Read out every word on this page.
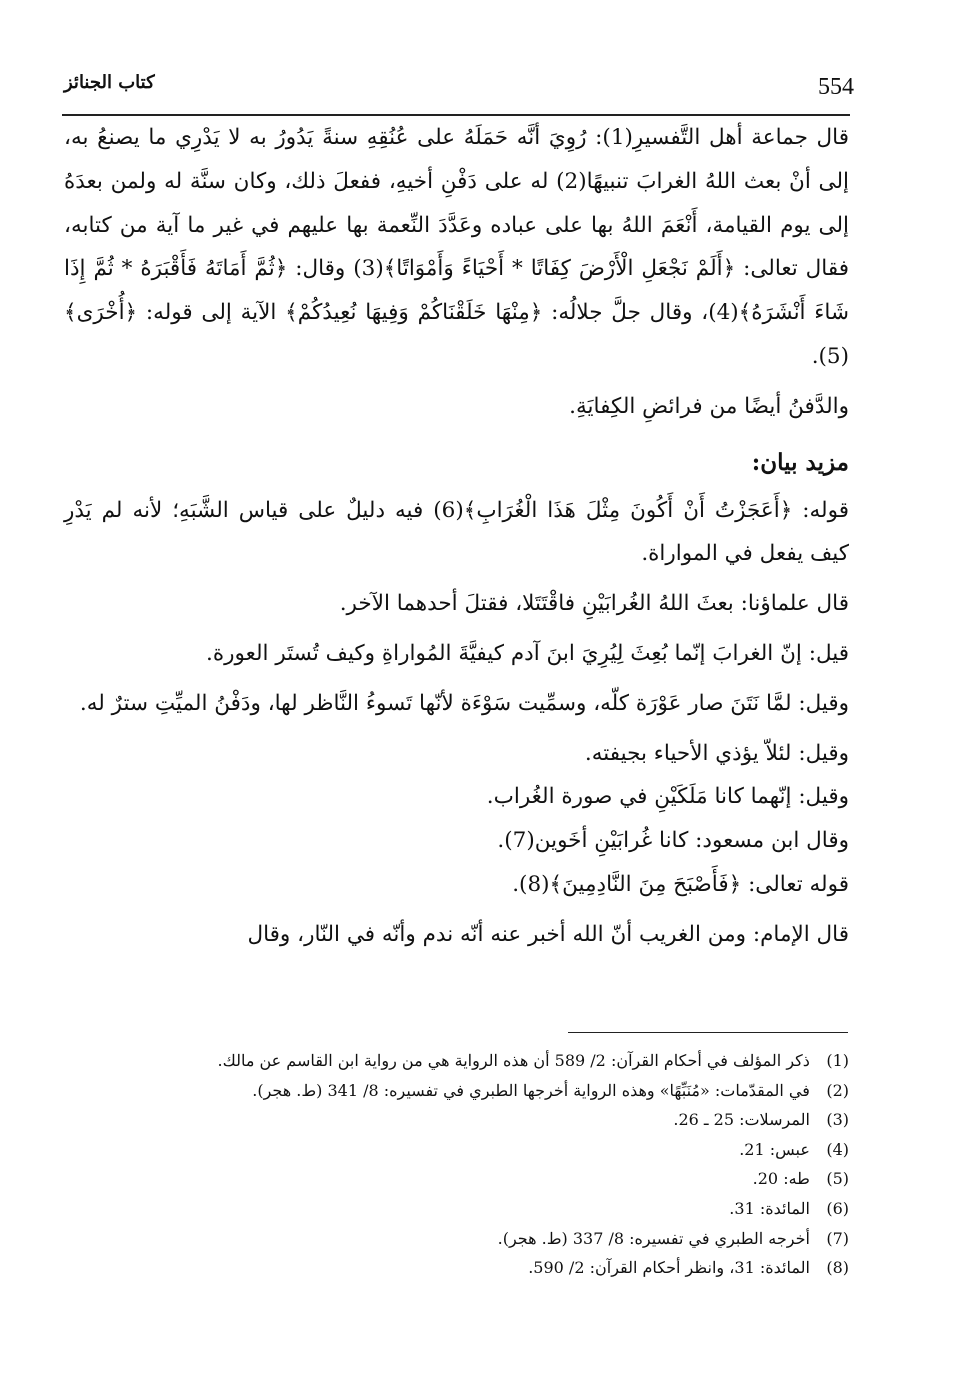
554
كتاب الجنائز

قال جماعة أهل التَّفسيرِ(1): رُوِيَ أنَّه حَمَلَهُ على عُنُقِهِ سنةً يَدُورُ به لا يَدْرِي ما يصنعُ به، إلى أنْ بعث اللهُ الغرابَ تنبيهًا(2) له على دَفْنِ أخيهِ، ففعلَ ذلك، وكان سنَّة له ولمن بعدَهُ إلى يوم القيامة، أَنْعَمَ اللهُ بها على عباده وعَدَّدَ النِّعمة بها عليهم في غير ما آية من كتابه، فقال تعالى: ﴿أَلَمْ نَجْعَلِ الْأَرْضَ كِفَاتًا * أَحْيَاءً وَأَمْوَاتًا﴾(3) وقال: ﴿ثُمَّ أَمَاتَهُ فَأَقْبَرَهُ * ثُمَّ إِذَا شَاءَ أَنْشَرَهُ﴾(4)، وقال جلَّ جلالُه: ﴿مِنْهَا خَلَقْنَاكُمْ وَفِيهَا نُعِيدُكُمْ﴾ الآية إلى قوله: ﴿أُخْرَى﴾(5).

والدَّفنُ أيضًا من فرائضِ الكِفايَةِ.

مزيد بيان:

قوله: ﴿أَعَجَزْتُ أَنْ أَكُونَ مِثْلَ هَذَا الْغُرَابِ﴾(6) فيه دليلٌ على قياس الشَّبَهِ؛ لأنه لم يَدْرِ كيف يفعل في المواراة.

قال علماؤنا: بعثَ اللهُ الغُرابَيْنِ فاقْتَتَلا، فقتلَ أحدهما الآخر.

قيل: إنّ الغرابَ إنّما بُعِثَ لِيُرِيَ ابنَ آدم كيفيَّةَ المُواراةِ وكيف تُستَر العورة.

وقيل: لمَّا نَتَنَ صار عَوْرَة كلّه، وسمِّيت سَوْءَة لأنّها تَسوءُ النَّاظر لها، ودَفْنُ الميِّتِ سترٌ له.

وقيل: لئلاّ يؤذي الأحياء بجيفته.

وقيل: إنّهما كانا مَلَكَيْنِ في صورة الغُراب.

وقال ابن مسعود: كانا غُرابَيْنِ أخَوين(7).

قوله تعالى: ﴿فَأَصْبَحَ مِنَ النَّادِمِينَ﴾(8).

قال الإمام: ومن الغريب أنّ الله أخبر عنه أنّه ندم وأنّه في النّار، وقال

(1) ذكر المؤلف في أحكام القرآن: 2/ 589 أن هذه الرواية هي من رواية ابن القاسم عن مالك.

(2) في المقدّمات: «مُنَبِّهًا» وهذه الرواية أخرجها الطبري في تفسيره: 8/ 341 (ط. هجر).

(3) المرسلات: 25 ـ 26.

(4) عبس: 21.

(5) طه: 20.

(6) المائدة: 31.

(7) أخرجه الطبري في تفسيره: 8/ 337 (ط. هجر).

(8) المائدة: 31، وانظر أحكام القرآن: 2/ 590.
